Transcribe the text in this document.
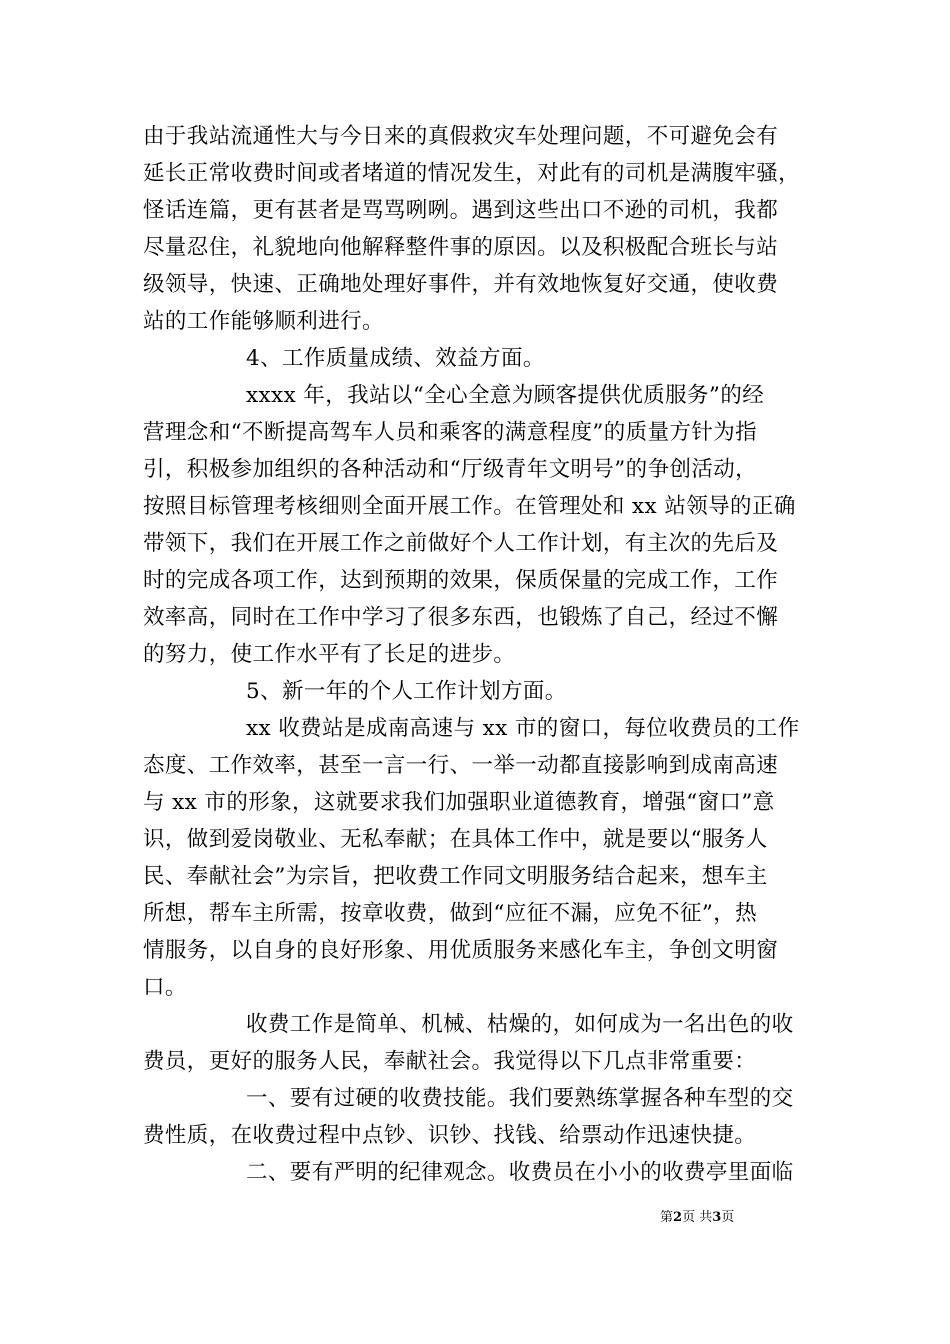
由于我站流通性大与今日来的真假救灾车处理问题，不可避免会有
延长正常收费时间或者堵道的情况发生，对此有的司机是满腹牢骚，
怪话连篇，更有甚者是骂骂咧咧。遇到这些出口不逊的司机，我都
尽量忍住，礼貌地向他解释整件事的原因。以及积极配合班长与站
级领导，快速、正确地处理好事件，并有效地恢复好交通，使收费
站的工作能够顺利进行。
4、工作质量成绩、效益方面。
xxxx 年，我站以“全心全意为顾客提供优质服务”的经
营理念和“不断提高驾车人员和乘客的满意程度”的质量方针为指
引，积极参加组织的各种活动和“厅级青年文明号”的争创活动，
按照目标管理考核细则全面开展工作。在管理处和 xx 站领导的正确
带领下，我们在开展工作之前做好个人工作计划，有主次的先后及
时的完成各项工作，达到预期的效果，保质保量的完成工作，工作
效率高，同时在工作中学习了很多东西，也锻炼了自己，经过不懈
的努力，使工作水平有了长足的进步。
5、新一年的个人工作计划方面。
xx 收费站是成南高速与 xx 市的窗口，每位收费员的工作
态度、工作效率，甚至一言一行、一举一动都直接影响到成南高速
与 xx 市的形象，这就要求我们加强职业道德教育，增强“窗口”意
识，做到爱岗敬业、无私奉献；在具体工作中，就是要以“服务人
民、奉献社会”为宗旨，把收费工作同文明服务结合起来，想车主
所想，帮车主所需，按章收费，做到“应征不漏，应免不征”，热
情服务，以自身的良好形象、用优质服务来感化车主，争创文明窗
口。
收费工作是简单、机械、枯燥的，如何成为一名出色的收
费员，更好的服务人民，奉献社会。我觉得以下几点非常重要：
一、要有过硬的收费技能。我们要熟练掌握各种车型的交
费性质，在收费过程中点钞、识钞、找钱、给票动作迅速快捷。
二、要有严明的纪律观念。收费员在小小的收费亭里面临
第2页 共3页
